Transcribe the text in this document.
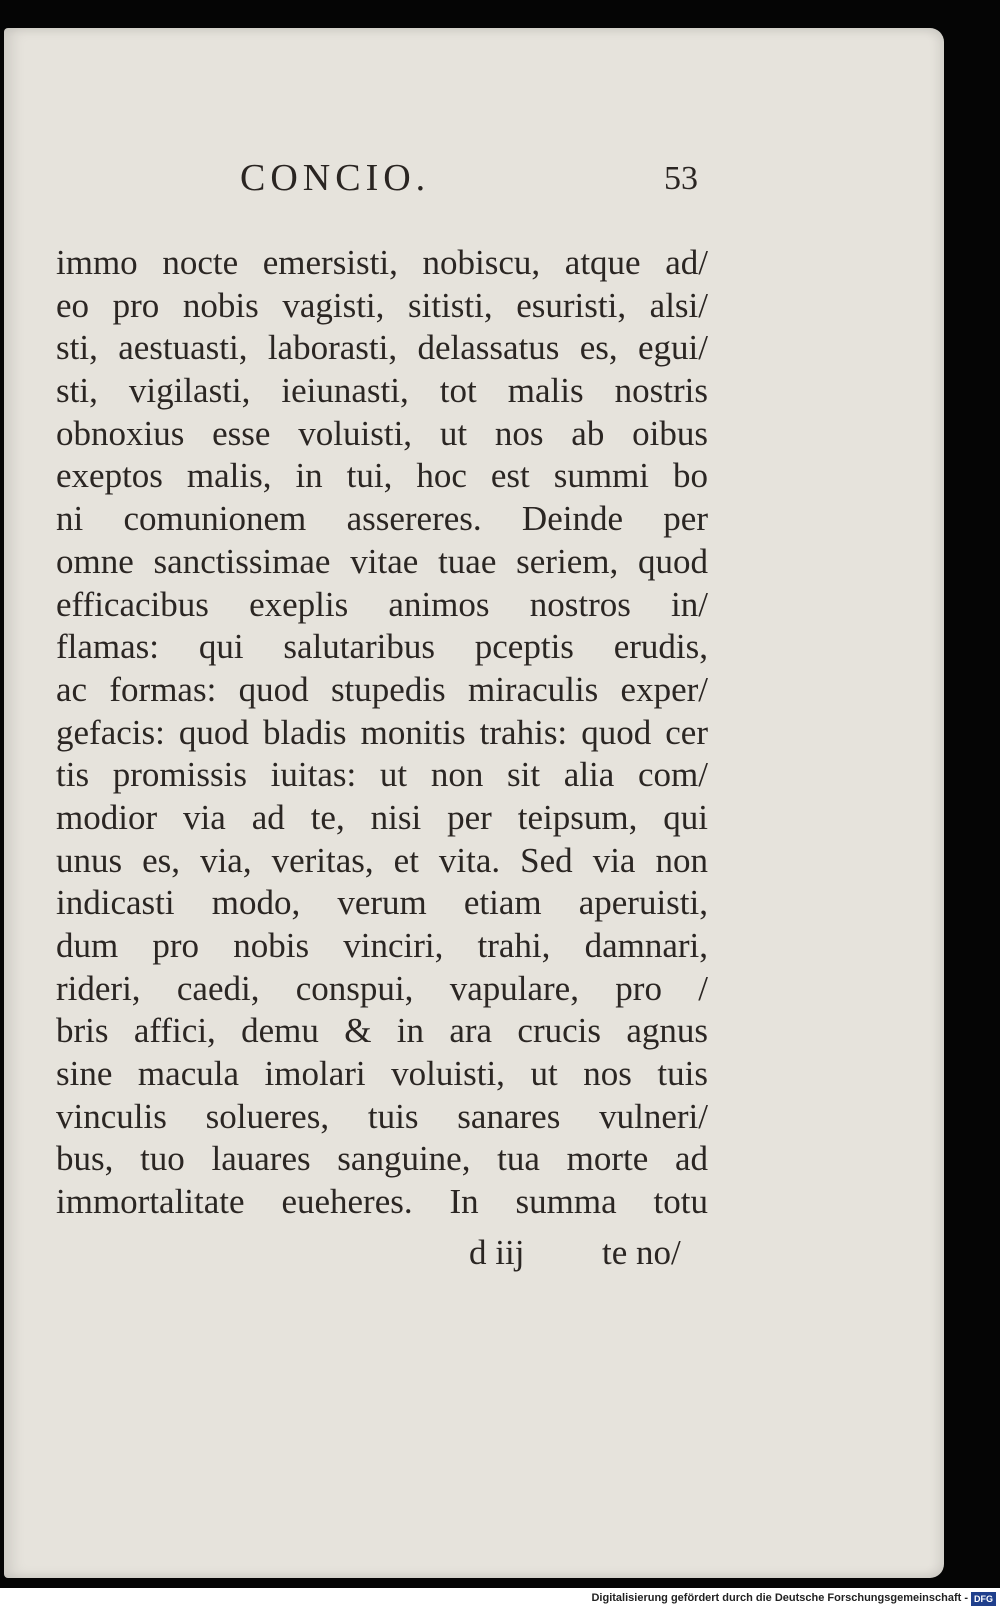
CONCIO.	53
immo nocte emersisti, nobiscu, atque ad/
eo pro nobis vagisti, sitisti, esuristi, alsi/
sti, aestuasti, laborasti, delassatus es, egui/
sti, vigilasti, ieiunasti, tot malis nostris
obnoxius esse voluisti, ut nos ab oibus
exeptos malis, in tui, hoc est summi bo
ni comunionem assereres. Deinde per
omne sanctissimae vitae tuae seriem, quod
efficacibus exeplis animos nostros in/
flamas: qui salutaribus pceptis erudis,
ac formas: quod stupedis miraculis exper/
gefacis: quod bladis monitis trahis: quod cer
tis promissis iuitas: ut non sit alia com/
modior via ad te, nisi per teipsum, qui
unus es, via, veritas, et vita. Sed via non
indicasti modo, verum etiam aperuisti,
dum pro nobis vinciri, trahi, damnari,
rideri, caedi, conspui, vapulare, pro /
bris affici, demu & in ara crucis agnus
sine macula imolari voluisti, ut nos tuis
vinculis solueres, tuis sanares vulneri/
bus, tuo lauares sanguine, tua morte ad
immortalitate eueheres. In summa totu
d iij te no/
Digitalisierung gefördert durch die Deutsche Forschungsgemeinschaft - DFG
